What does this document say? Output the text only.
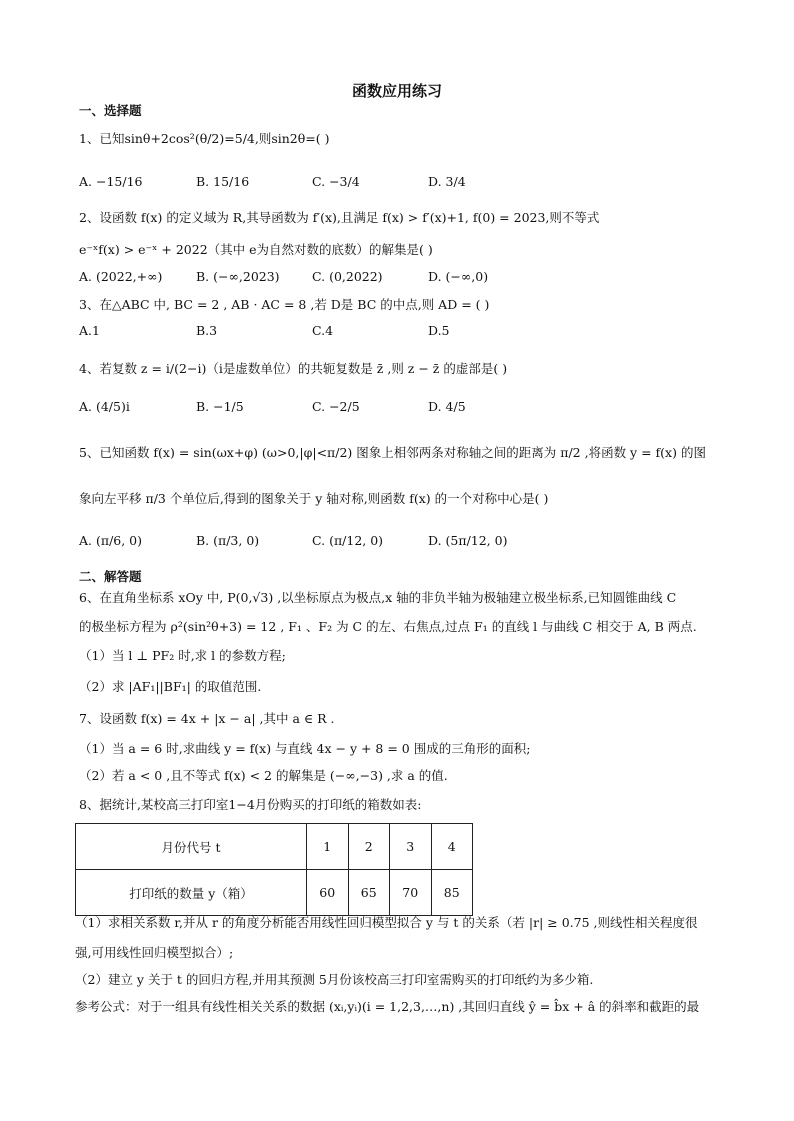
函数应用练习
一、选择题
1、已知sinθ+2cos²(θ/2)=5/4,则sin2θ=( )
A. −15/16	B. 15/16	C. −3/4	D. 3/4
2、设函数 f(x) 的定义域为 R,其导函数为 f′(x),且满足 f(x) > f′(x)+1, f(0) = 2023,则不等式
e⁻ˣf(x) > e⁻ˣ + 2022（其中 e为自然对数的底数）的解集是( )
A. (2022,+∞)	B. (−∞,2023)	C. (0,2022)	D. (−∞,0)
3、在△ABC 中, BC = 2 , AB · AC = 8 ,若 D是 BC 的中点,则 AD = ( )
A.1	B.3	C.4	D.5
4、若复数 z = i/(2−i)（i是虚数单位）的共轭复数是 z̄ ,则 z − z̄ 的虚部是( )
A. (4/5)i	B. −1/5	C. −2/5	D. 4/5
5、已知函数 f(x) = sin(ωx+φ) (ω>0,|φ|<π/2) 图象上相邻两条对称轴之间的距离为 π/2 ,将函数 y = f(x) 的图
象向左平移 π/3 个单位后,得到的图象关于 y 轴对称,则函数 f(x) 的一个对称中心是( )
A. (π/6, 0)	B. (π/3, 0)	C. (π/12, 0)	D. (5π/12, 0)
二、解答题
6、在直角坐标系 xOy 中, P(0,√3) ,以坐标原点为极点,x 轴的非负半轴为极轴建立极坐标系,已知圆锥曲线 C
的极坐标方程为 ρ²(sin²θ+3) = 12 , F₁ 、F₂ 为 C 的左、右焦点,过点 F₁ 的直线 l 与曲线 C 相交于 A, B 两点.
（1）当 l ⊥ PF₂ 时,求 l 的参数方程;
（2）求 |AF₁||BF₁| 的取值范围.
7、设函数 f(x) = 4x + |x − a| ,其中 a ∈ R .
（1）当 a = 6 时,求曲线 y = f(x) 与直线 4x − y + 8 = 0 围成的三角形的面积;
（2）若 a < 0 ,且不等式 f(x) < 2 的解集是 (−∞,−3) ,求 a 的值.
8、据统计,某校高三打印室1−4月份购买的打印纸的箱数如表:
月份代号 t	1	2	3	4
打印纸的数量 y（箱）	60	65	70	85
（1）求相关系数 r,并从 r 的角度分析能否用线性回归模型拟合 y 与 t 的关系（若 |r| ≥ 0.75 ,则线性相关程度很
强,可用线性回归模型拟合）;
（2）建立 y 关于 t 的回归方程,并用其预测 5月份该校高三打印室需购买的打印纸约为多少箱.
参考公式：对于一组具有线性相关关系的数据 (xᵢ,yᵢ)(i = 1,2,3,…,n) ,其回归直线 ŷ = b̂x + â 的斜率和截距的最
